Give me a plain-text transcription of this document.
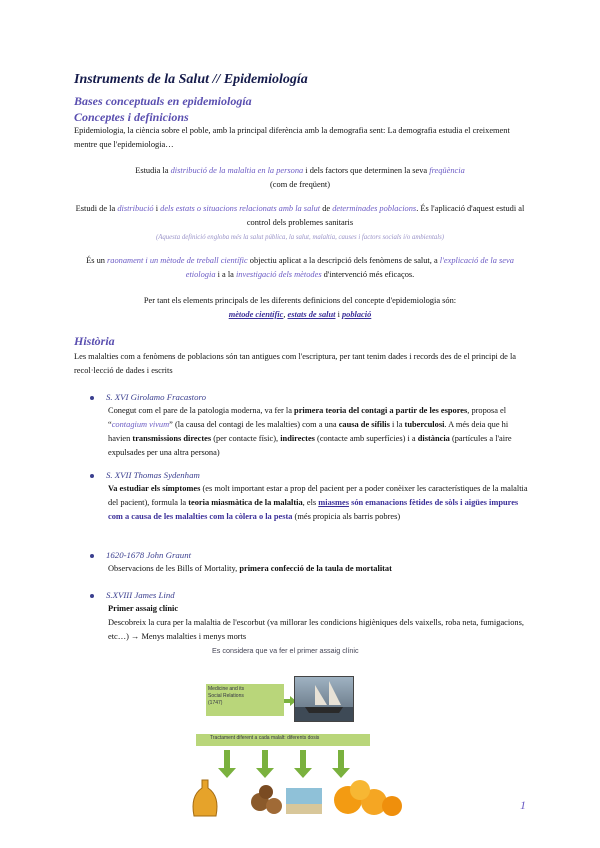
Instruments de la Salut // Epidemiología
Bases conceptuals en epidemiología
Conceptes i definicions
Epidemiologia, la ciència sobre el poble, amb la principal diferència amb la demografia sent: La demografia estudia el creixement mentre que l'epidemiologia…
Estudia la distribució de la malaltia en la persona i dels factors que determinen la seva freqüència
(com de freqüent)
Estudi de la distribució i dels estats o situacions relacionats amb la salut de determinades poblacions. És l'aplicació d'aquest estudi al control dels problemes sanitaris
(Aquesta definició engloba més la salut pública, la salut, malaltia, causes i factors socials i/o ambientals)
És un raonament i un mètode de treball científic objectiu aplicat a la descripció dels fenòmens de salut, a l'explicació de la seva etiologia i a la investigació dels mètodes d'intervenció més eficaços.
Per tant els elements principals de les diferents definicions del concepte d'epidemiologia són:
mètode científic, estats de salut i població
Història
Les malalties com a fenòmens de poblacions són tan antigues com l'escriptura, per tant tenim dades i records des de el principi de la recol·lecció de dades i escrits
S. XVI Girolamo Fracastoro
Conegut com el pare de la patologia moderna, va fer la primera teoria del contagi a partir de les espores, proposa el “contagium vivum” (la causa del contagi de les malalties) com a una causa de sífilis i la tuberculosi. A més deia que hi havien transmissions directes (per contacte físic), indirectes (contacte amb superfícies) i a distància (partícules a l'aire expulsades per una altra persona)
S. XVII Thomas Sydenham
Va estudiar els símptomes (es molt important estar a prop del pacient per a poder conèixer les característiques de la malaltia del pacient), formula la teoria miasmàtica de la malaltia, els miasmes són emanacions fètides de sòls i aigües impures com a causa de les malalties com la còlera o la pesta (més propicia als barris pobres)
1620-1678 John Graunt
Observacions de les Bills of Mortality, primera confecció de la taula de mortalitat
S.XVIII James Lind
Primer assaig clínic
Descobreix la cura per la malaltia de l'escorbut (va millorar les condicions higièniques dels vaixells, roba neta, fumigacions, etc…) → Menys malalties i menys morts
Es considera que va fer el primer assaig clínic
Medicine and its
Social Relations
(1747)
Tractament diferent a cada malalt: diferents dosis
1
